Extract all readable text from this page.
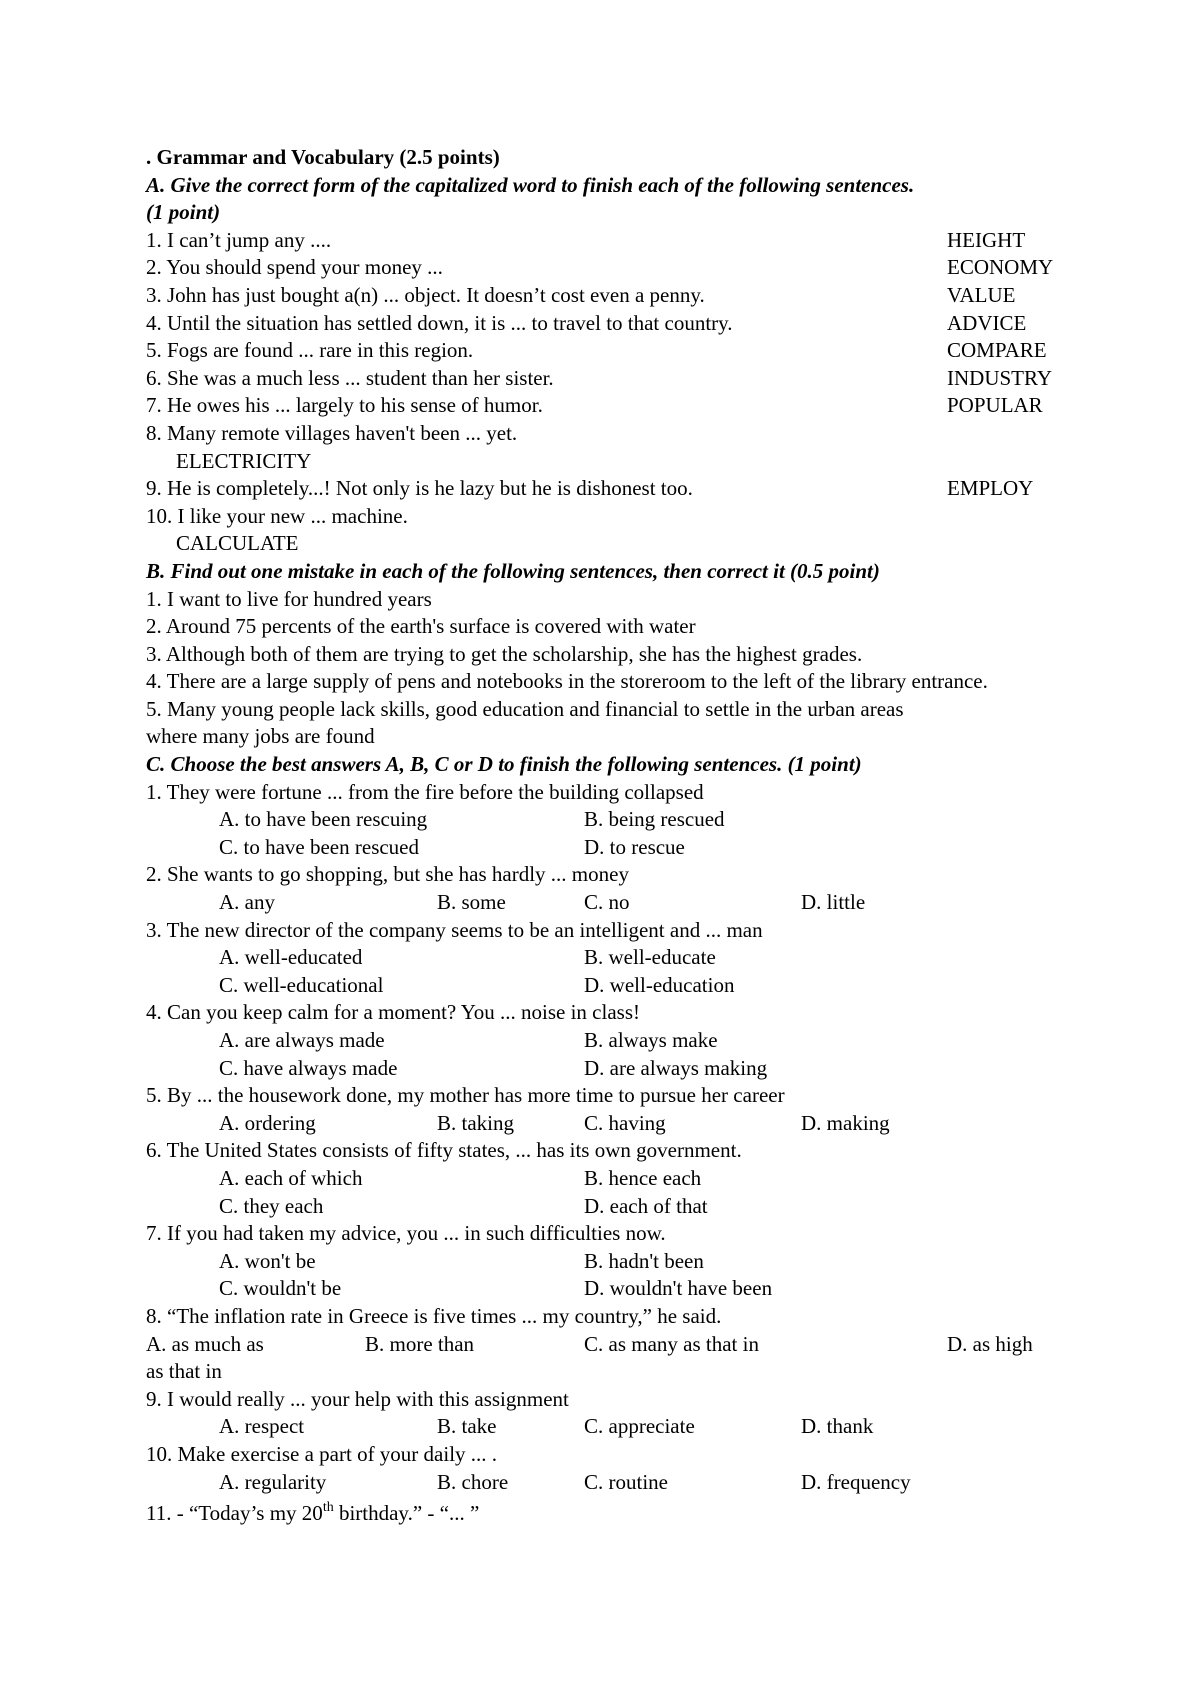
. Grammar and Vocabulary (2.5 points)
A. Give the correct form of the capitalized word to finish each of the following sentences.
(1 point)
1. I can’t jump any ....	HEIGHT
2. You should spend your money ...	ECONOMY
3. John has just bought a(n) ... object. It doesn’t cost even a penny.	VALUE
4. Until the situation has settled down, it is ... to travel to that country.	ADVICE
5. Fogs are found ... rare in this region.	COMPARE
6. She was a much less ... student than her sister.	INDUSTRY
7. He owes his ... largely to his sense of humor.	POPULAR
8. Many remote villages haven't been ... yet.
ELECTRICITY
9. He is completely...! Not only is he lazy but he is dishonest too.	EMPLOY
10. I like your new ... machine.
CALCULATE
B. Find out one mistake in each of the following sentences, then correct it (0.5 point)
1. I want to live for hundred years
2. Around 75 percents of the earth's surface is covered with water
3. Although both of them are trying to get the scholarship, she has the highest grades.
4. There are a large supply of pens and notebooks in the storeroom to the left of the library entrance.
5. Many young people lack skills, good education and financial to settle in the urban areas
where many jobs are found
C. Choose the best answers A, B, C or D to finish the following sentences. (1 point)
1. They were fortune ... from the fire before the building collapsed
A. to have been rescuing	B. being rescued
C. to have been rescued	D. to rescue
2. She wants to go shopping, but she has hardly ... money
A. any	B. some	C. no	D. little
3. The new director of the company seems to be an intelligent and ... man
A. well-educated	B. well-educate
C. well-educational	D. well-education
4. Can you keep calm for a moment? You ... noise in class!
A. are always made	B. always make
C. have always made	D. are always making
5. By ... the housework done, my mother has more time to pursue her career
A. ordering	B. taking	C. having	D. making
6. The United States consists of fifty states, ... has its own government.
A. each of which	B. hence each
C. they each	D. each of that
7. If you had taken my advice, you ... in such difficulties now.
A. won't be	B. hadn't been
C. wouldn't be	D. wouldn't have been
8. “The inflation rate in Greece is five times ... my country,” he said.
A. as much as	B. more than	C. as many as that in	D. as high
as that in
9. I would really ... your help with this assignment
A. respect	B. take	C. appreciate	D. thank
10. Make exercise a part of your daily ... .
A. regularity	B. chore	C. routine	D. frequency
11. - “Today’s my 20th birthday.” - “... ”
